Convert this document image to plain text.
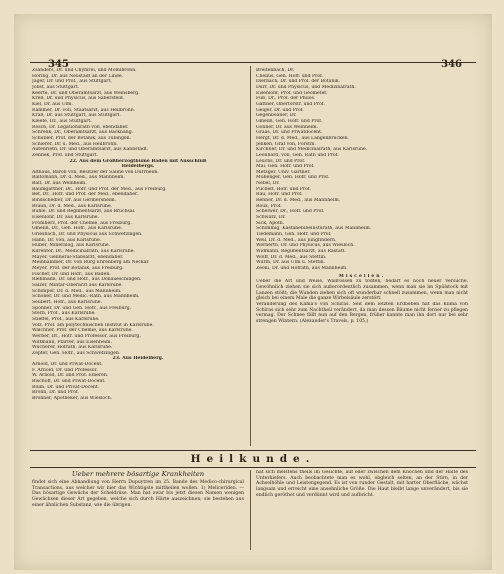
345	346
Zsanders, Dr. und Chymrei, und Mömlbronn.
Höring, Dr. aus Neustadt an der Linde.
Jäger, Dr. und Prof., aus Stuttgart.
Jobst, aus Stuttgart.
Keerte, Dr. und Oberamtsarzt, aus Weinsberg.
Kreß, Dr. und Physicus, aus Sabersfeld.
Kiel, Dr. aus Ulm.
Rammer, Dr. von, Staatsarzt, aus Heilbronn.
Kraß, Dr. aus Stuttgart, aus Stuttgart.
Kleefe, Dr., aus Stuttgart.
Rösch, Dr. Legationsrath von, ebendaher.
Schrenk, Dr., Oberamtsarzt, aus Backnang.
Schübler, Prof. der Botanik, aus Tübingen.
Schierer, Dr. u. Med., aus Heilbronn.
Autenrieth, Dr. und Oberamtsarzt, aus Kannstadt.
Zennek, Prof. und Stuttgart.
22. Aus dem Großherzogthume Baden mit Ausschluß
Heidelbergs.
Althaus, Baron von, Besitzer der Saline von Dürrheim.
Baltomann, Dr. d. Med., aus Mannheim.
Balt, Dr. aus Weinheim.
Baumgärtner, Dr., Hofr. und Prof. der Med., aus Freiburg.
Bef, Dr., Hofr. und Prof. der Med., ebendaher.
Bindschedler, Dr. aus Germersheim.
Braun, Dr. d. Med., aus Karlsruhe.
Bühle, Dr. und Regimentsarzt, aus Bruchsal.
Eisenlohr, Dr. aus Karlsruhe.
Fromherz, Prof. der Chemie, aus Freiburg.
Gmelin, Dr., Geh. Hofr., aus Karlsruhe.
Griesbach, Dr. und Physicus aus Schwetzingen.
Hahn, Dr. von, aus Karlsruhe.
Huber, Mineralog, aus Karlsruhe.
Kilrenter, Dr., Medicinalrath, aus Karlsruhe.
Mayer, Genneral-Stabsarzt, ebendaher.
Meinhammer, Dr. von Burg Ehrenberg am Neckar.
Meyer, Prof. der Botanik, aus Freiburg.
Fischer, Dr. und Hofr., aus Baden.
Riehmann, Dr. und Hofr., aus Donaueschingen.
Salzer, Militär-Oberarzt aus Karlsruhe.
Schimper, Dr. d. Med., aus Mannheim.
Schöner, Dr. und Medic.-Rath, aus Mannheim.
Seubert, Hofr., aus Karlsruhe.
Sponner, Dr. und Geh. Hofr., aus Freiburg.
Stern, Prof., aus Karlsruhe.
Stieffel, Prof., aus Karlsruhe.
Volz, Prof. am polytechnischen Institut in Karlsruhe.
Walchner, Prof. der Chemie, aus Karlsruhe.
Werber, Dr., Hofr. und Professor, aus Freiburg.
Wiltmann, Pfarrer, aus Eisenheim.
Wucherer, Hofrath, aus Karlsruhe.
Zepfer, Geh. Hofr., aus Schwetzingen.
23. Aus Heidelberg.
Arnold, Dr. und Privat-Docent.
F. Arnold, Dr. und Professor.
W. Arnold, Dr. und Prof. Emeren.
Bischoff, Dr. und Privat-Docent.
Blum, Dr. und Privat-Docent.
Bronn, Dr. und Prof.
Bronner, Apotheker, aus Wiesloch.
Breitenbach, Dr.
Chelius, Geh. Hofr. und Prof.
Dierbach, Dr. und Prof. der Botanik.
Dürr, Dr. und Physicus, und Medizinalrath.
Eisenlohr, Prof. und Geometer.
Fuß, Dr., Prof. der Philos.
Gattner, Oberforstr. und Prof.
Geiger, Dr. und Prof.
Gegenbeaner, Dr.
Gmelin, Geh. Hofr. und Prof.
Gönner, Dr. aus Weinheim.
Graas, Dr. und Privatdocent.
Hergt, Dr. d. Med., aus Langenbrücken.
Jenken, Graf von, Forstm.
Kirchner, Dr. und Medicinalrath, aus Karlsruhe.
Leonhard, von, Geh. Rath und Prof.
Leuchs, Dr. und Prof.
Mai, Geh. Hofr. und Prof.
Metzger, Univ. Gärtner.
Mühenger, Geh. Hofr. und Prof.
Nebel, Dr.
Puchelt, Hofr. und Prof.
Rau, Hofr. und Prof.
Renner, Dr. d. Med., aus Mannheim.
Roux, Prof.
Schelwer, Dr., Hofr. und Prof.
Schwarz, Dr.
Sick, Apoth.
Schimmig, Kastanebibeinsturath, aus Mannheim.
Tiedemann, Geh. Hofr. und Prof.
Weil, Dr. d. Med., aus Jungfindern.
Wernerth, Dr. und Physicus, aus Wiesloch.
Widmann, Regimentsarzt, aus Rastatt.
Wolff, Dr. d. Med., aus Stettin.
Wurm, Dr. aus Ulm u. Stettin.
Zeoni, Dr. und Hofrath, aus Mannheim.
Miscellen.
Ueber die Art und Weise, Wallrossen zu tödten, bedarf es noch neuer Versuche. Gewöhnlich ziehen sie sich außerordentlich zusammen, wenn man sie im Spülstock mit Lanzen stößt; die Wunden ziehen sich oft wunderbar schnell zusammen, wenn man nicht gleich bei einem Male die ganze Wirbelsäule zerstört.
Veränderung des Klima's von Schiras. Seit dem letzten Erdbeben hat das Klima von Schiras sich sehr zum Nachtheil verändert, da man dessen Bäume nicht ferner zu pflegen vermag. Der Schnee fällt nun auf den Bergen, früher kannte man ihn dort nur bei sehr strengen Wintern. (Alexander's Travels, p. 105.)
Heilkunde.
Ueber mehrere bösartige Krankheiten
findet sich eine Abhandlung von Herrn Dupuytren im 25. Bande des Medico-chirurgical Transactions, aus welcher wir hier das Wichtigste mittheilen wollen. 1) Meliceriden. — Das bösartige Gewächs der Scheldrüse. Man hat zwar bis jetzt diesen Namen wenigen Gewächsen dieser Art gegeben, welche sich durch Härte auszeichnen; sie bestehen aus einer ähnlichen Substanz, wie die übrigen.
hat sich meistens theils im Gesichte, auf oder zwischen dem Knochen und der Halte des Unterkiefers. Auch beobachtete man es wohl, obgleich selten, an der Stirn, in der Achselhöhle und Leistengegend. Es ist von runder Gestalt, mit harter Oberfläche, wächst langsam und erreicht eine ansehnliche Größe. Die Haut bleibt lange unverändert, bis sie endlich geröthet und verdünnt wird und aufbricht.
